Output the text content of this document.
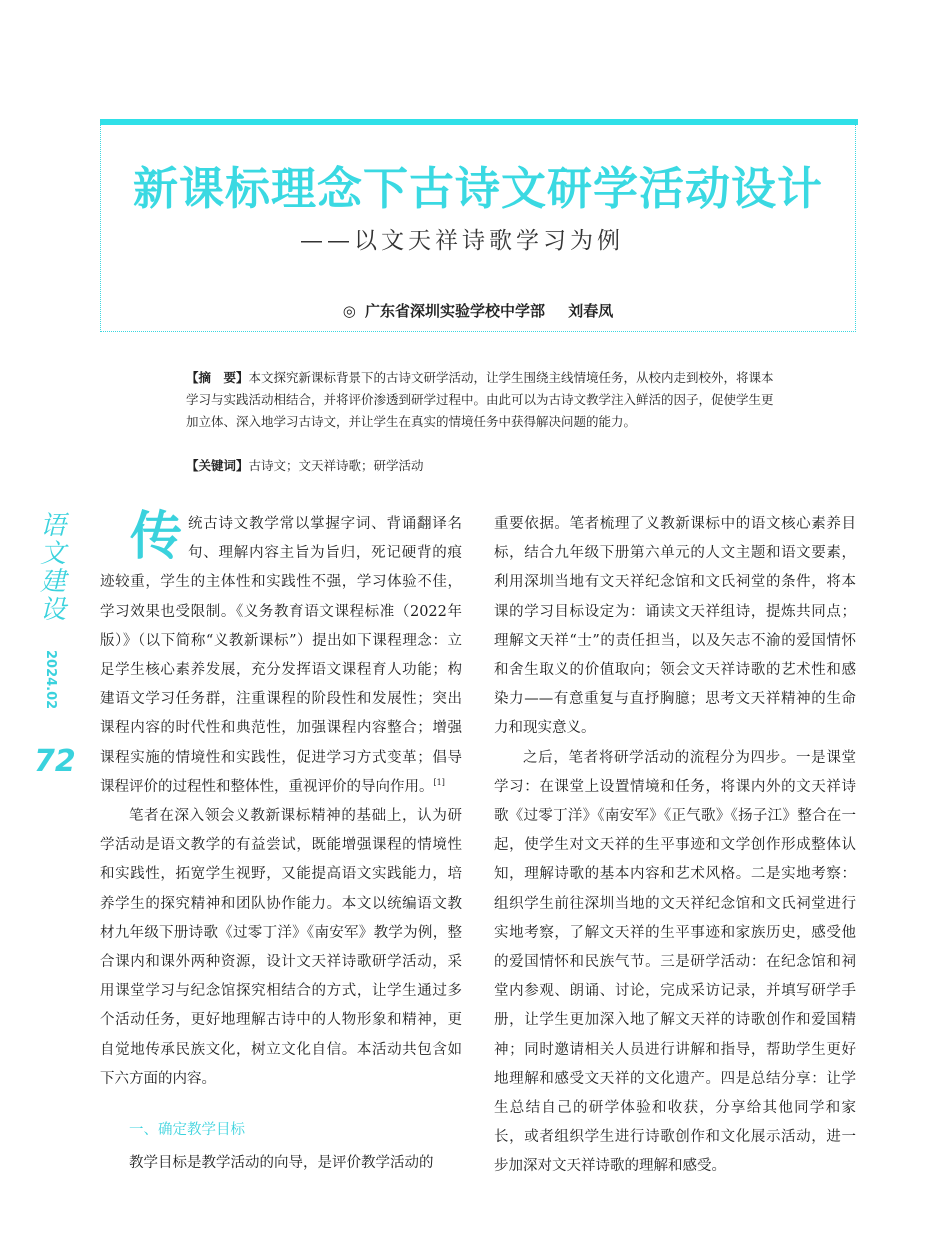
新课标理念下古诗文研学活动设计

——以文天祥诗歌学习为例

◎ 广东省深圳实验学校中学部 刘春凤

【摘　要】本文探究新课标背景下的古诗文研学活动，让学生围绕主线情境任务，从校内走到校外，将课本学习与实践活动相结合，并将评价渗透到研学过程中。由此可以为古诗文教学注入鲜活的因子，促使学生更加立体、深入地学习古诗文，并让学生在真实的情境任务中获得解决问题的能力。

【关键词】古诗文；文天祥诗歌；研学活动

语文建设
2024.02
72

传统古诗文教学常以掌握字词、背诵翻译名句、理解内容主旨为旨归，死记硬背的痕迹较重，学生的主体性和实践性不强，学习体验不佳，学习效果也受限制。《义务教育语文课程标准（2022年版）》（以下简称“义教新课标”）提出如下课程理念：立足学生核心素养发展，充分发挥语文课程育人功能；构建语文学习任务群，注重课程的阶段性和发展性；突出课程内容的时代性和典范性，加强课程内容整合；增强课程实施的情境性和实践性，促进学习方式变革；倡导课程评价的过程性和整体性，重视评价的导向作用。[1]

笔者在深入领会义教新课标精神的基础上，认为研学活动是语文教学的有益尝试，既能增强课程的情境性和实践性，拓宽学生视野，又能提高语文实践能力，培养学生的探究精神和团队协作能力。本文以统编语文教材九年级下册诗歌《过零丁洋》《南安军》教学为例，整合课内和课外两种资源，设计文天祥诗歌研学活动，采用课堂学习与纪念馆探究相结合的方式，让学生通过多个活动任务，更好地理解古诗中的人物形象和精神，更自觉地传承民族文化，树立文化自信。本活动共包含如下六方面的内容。

一、确定教学目标

教学目标是教学活动的向导，是评价教学活动的

重要依据。笔者梳理了义教新课标中的语文核心素养目标，结合九年级下册第六单元的人文主题和语文要素，利用深圳当地有文天祥纪念馆和文氏祠堂的条件，将本课的学习目标设定为：诵读文天祥组诗，提炼共同点；理解文天祥“士”的责任担当，以及矢志不渝的爱国情怀和舍生取义的价值取向；领会文天祥诗歌的艺术性和感染力——有意重复与直抒胸臆；思考文天祥精神的生命力和现实意义。

之后，笔者将研学活动的流程分为四步。一是课堂学习：在课堂上设置情境和任务，将课内外的文天祥诗歌《过零丁洋》《南安军》《正气歌》《扬子江》整合在一起，使学生对文天祥的生平事迹和文学创作形成整体认知，理解诗歌的基本内容和艺术风格。二是实地考察：组织学生前往深圳当地的文天祥纪念馆和文氏祠堂进行实地考察，了解文天祥的生平事迹和家族历史，感受他的爱国情怀和民族气节。三是研学活动：在纪念馆和祠堂内参观、朗诵、讨论，完成采访记录，并填写研学手册，让学生更加深入地了解文天祥的诗歌创作和爱国精神；同时邀请相关人员进行讲解和指导，帮助学生更好地理解和感受文天祥的文化遗产。四是总结分享：让学生总结自己的研学体验和收获，分享给其他同学和家长，或者组织学生进行诗歌创作和文化展示活动，进一步加深对文天祥诗歌的理解和感受。
